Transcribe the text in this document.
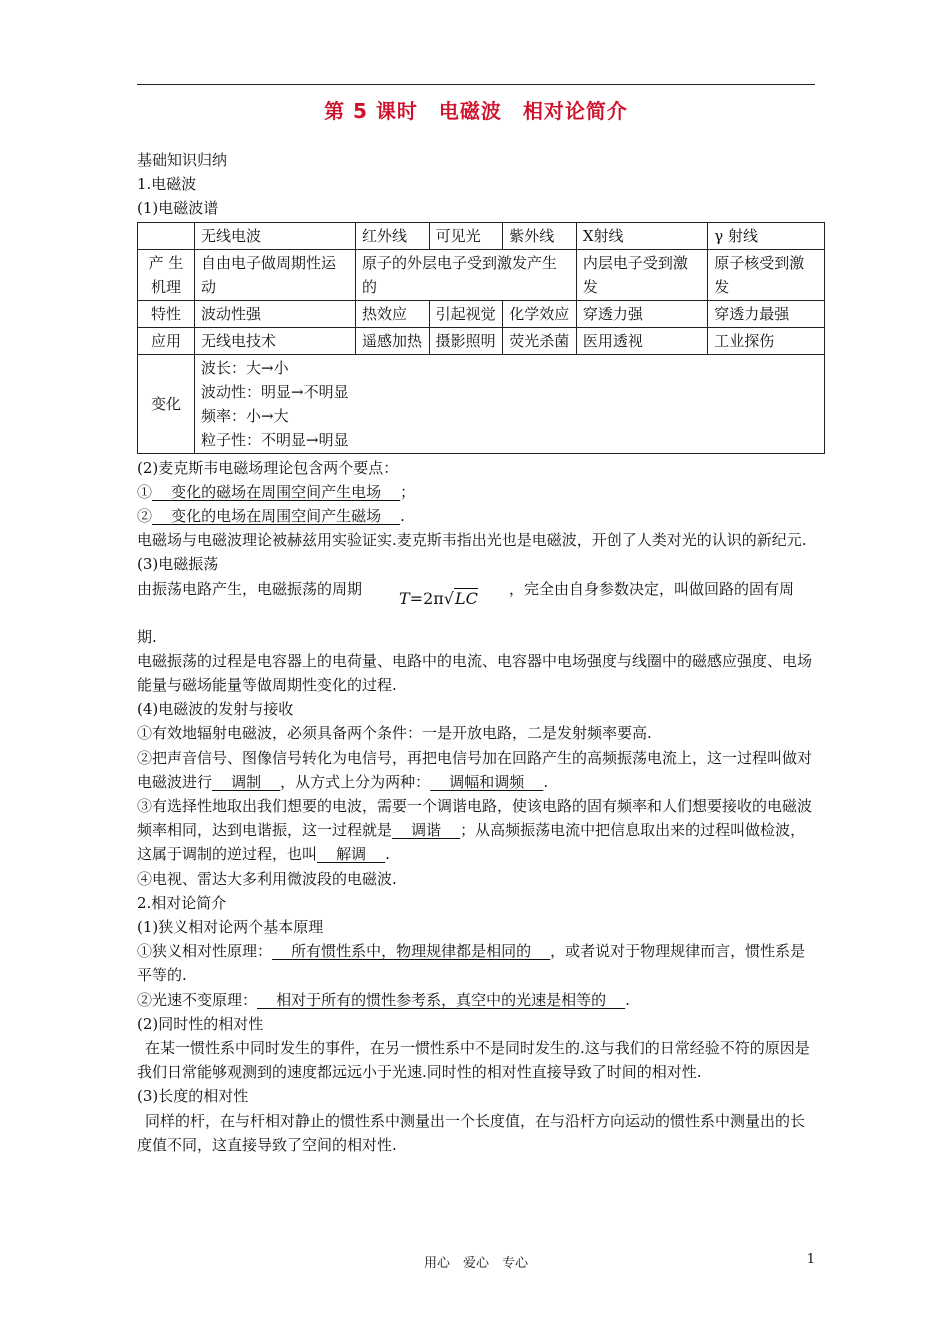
第 5 课时　电磁波　相对论简介

基础知识归纳

1.电磁波

(1)电磁波谱

	无线电波	红外线	可见光	紫外线	X射线	γ 射线
产 生 机理	自由电子做周期性运动	原子的外层电子受到激发产生的			内层电子受到激发	原子核受到激发
特性	波动性强	热效应	引起视觉	化学效应	穿透力强	穿透力最强
应用	无线电技术	遥感加热	摄影照明	荧光杀菌	医用透视	工业探伤
变化	波长：大→小
波动性：明显→不明显
频率：小→大
粒子性：不明显→明显					

(2)麦克斯韦电磁场理论包含两个要点：

①    变化的磁场在周围空间产生电场    ；

②    变化的电场在周围空间产生磁场    .

电磁场与电磁波理论被赫兹用实验证实.麦克斯韦指出光也是电磁波，开创了人类对光的认识的新纪元.

(3)电磁振荡

由振荡电路产生，电磁振荡的周期 T=2π√LC ，完全由自身参数决定，叫做回路的固有周

期.

电磁振荡的过程是电容器上的电荷量、电路中的电流、电容器中电场强度与线圈中的磁感应强度、电场能量与磁场能量等做周期性变化的过程.

(4)电磁波的发射与接收

①有效地辐射电磁波，必须具备两个条件：一是开放电路，二是发射频率要高.

②把声音信号、图像信号转化为电信号，再把电信号加在回路产生的高频振荡电流上，这一过程叫做对电磁波进行    调制    ，从方式上分为两种：    调幅和调频    .

③有选择性地取出我们想要的电波，需要一个调谐电路，使该电路的固有频率和人们想要接收的电磁波频率相同，达到电谐振，这一过程就是    调谐    ；从高频振荡电流中把信息取出来的过程叫做检波，这属于调制的逆过程，也叫    解调    .

④电视、雷达大多利用微波段的电磁波.

2.相对论简介

(1)狭义相对论两个基本原理

①狭义相对性原理：    所有惯性系中，物理规律都是相同的    ，或者说对于物理规律而言，惯性系是平等的.

②光速不变原理：    相对于所有的惯性参考系，真空中的光速是相等的    .

(2)同时性的相对性

在某一惯性系中同时发生的事件，在另一惯性系中不是同时发生的.这与我们的日常经验不符的原因是我们日常能够观测到的速度都远远小于光速.同时性的相对性直接导致了时间的相对性.

(3)长度的相对性

同样的杆，在与杆相对静止的惯性系中测量出一个长度值，在与沿杆方向运动的惯性系中测量出的长度值不同，这直接导致了空间的相对性.

用心　爱心　专心	1
